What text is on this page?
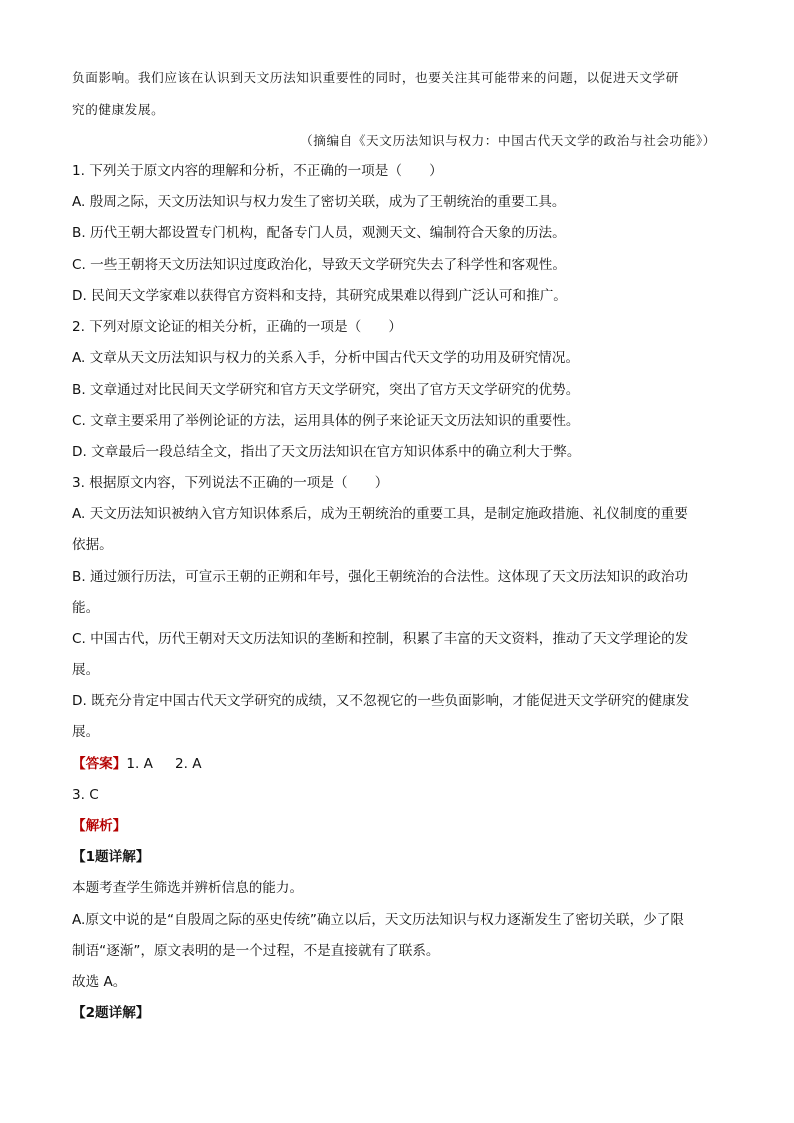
负面影响。我们应该在认识到天文历法知识重要性的同时，也要关注其可能带来的问题，以促进天文学研
究的健康发展。
（摘编自《天文历法知识与权力：中国古代天文学的政治与社会功能》）
1. 下列关于原文内容的理解和分析，不正确的一项是（　　）
A. 殷周之际，天文历法知识与权力发生了密切关联，成为了王朝统治的重要工具。
B. 历代王朝大都设置专门机构，配备专门人员，观测天文、编制符合天象的历法。
C. 一些王朝将天文历法知识过度政治化，导致天文学研究失去了科学性和客观性。
D. 民间天文学家难以获得官方资料和支持，其研究成果难以得到广泛认可和推广。
2. 下列对原文论证的相关分析，正确的一项是（　　）
A. 文章从天文历法知识与权力的关系入手，分析中国古代天文学的功用及研究情况。
B. 文章通过对比民间天文学研究和官方天文学研究，突出了官方天文学研究的优势。
C. 文章主要采用了举例论证的方法，运用具体的例子来论证天文历法知识的重要性。
D. 文章最后一段总结全文，指出了天文历法知识在官方知识体系中的确立利大于弊。
3. 根据原文内容，下列说法不正确的一项是（　　）
A. 天文历法知识被纳入官方知识体系后，成为王朝统治的重要工具，是制定施政措施、礼仪制度的重要
依据。
B. 通过颁行历法，可宣示王朝的正朔和年号，强化王朝统治的合法性。这体现了天文历法知识的政治功
能。
C. 中国古代，历代王朝对天文历法知识的垄断和控制，积累了丰富的天文资料，推动了天文学理论的发
展。
D. 既充分肯定中国古代天文学研究的成绩，又不忽视它的一些负面影响，才能促进天文学研究的健康发
展。
【答案】1. A 2. A
3. C
【解析】
【1题详解】
本题考查学生筛选并辨析信息的能力。
A.原文中说的是“自殷周之际的巫史传统”确立以后，天文历法知识与权力逐渐发生了密切关联，少了限
制语“逐渐”，原文表明的是一个过程，不是直接就有了联系。
故选 A。
【2题详解】
